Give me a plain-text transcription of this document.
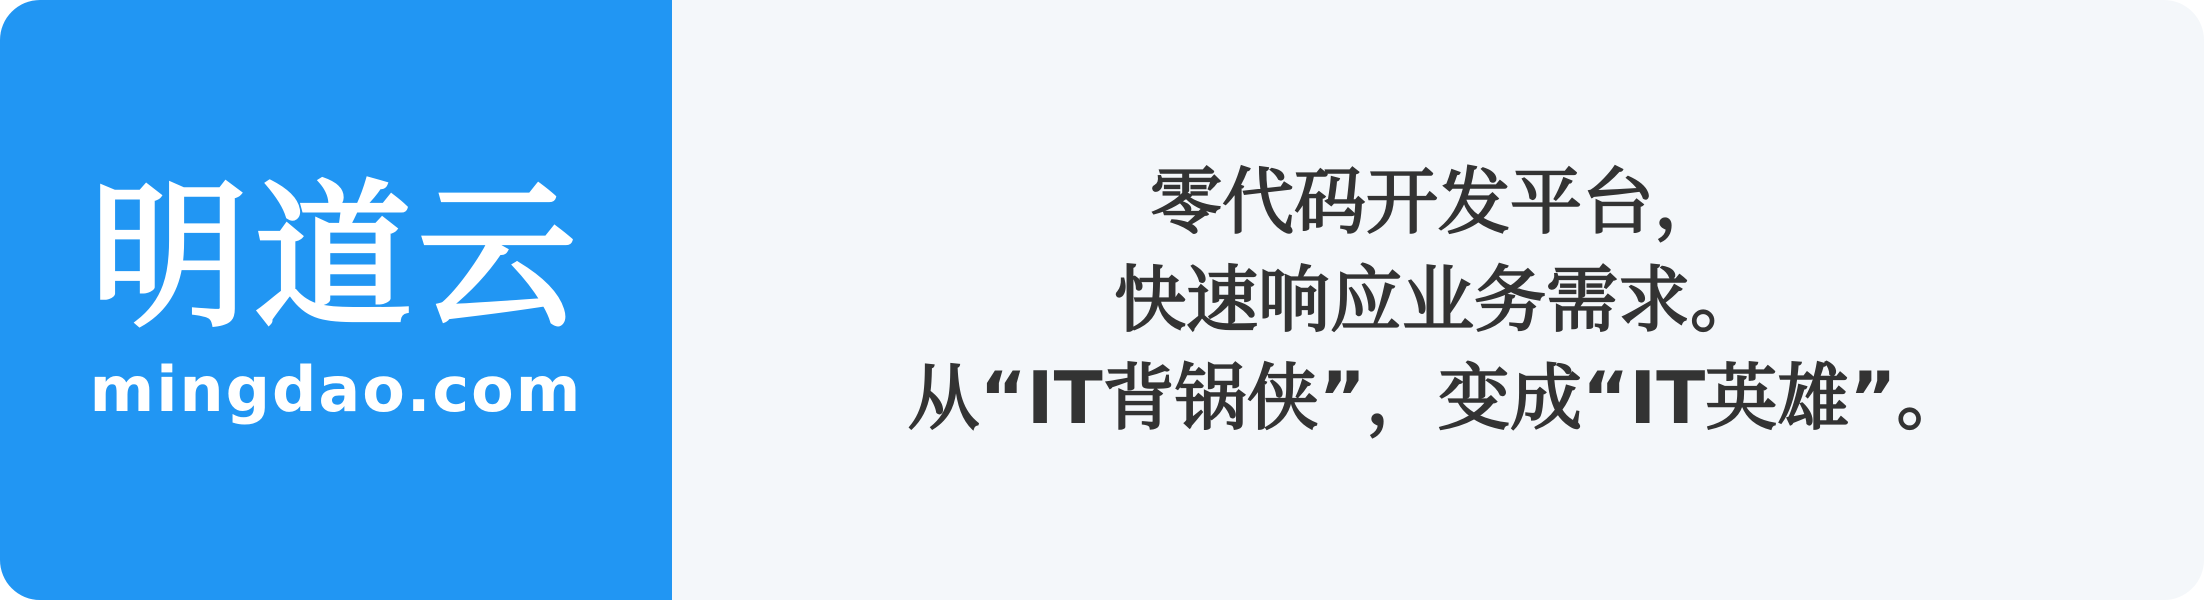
明道云
mingdao.com
零代码开发平台，
快速响应业务需求。
从“IT背锅侠”，变成“IT英雄”。
